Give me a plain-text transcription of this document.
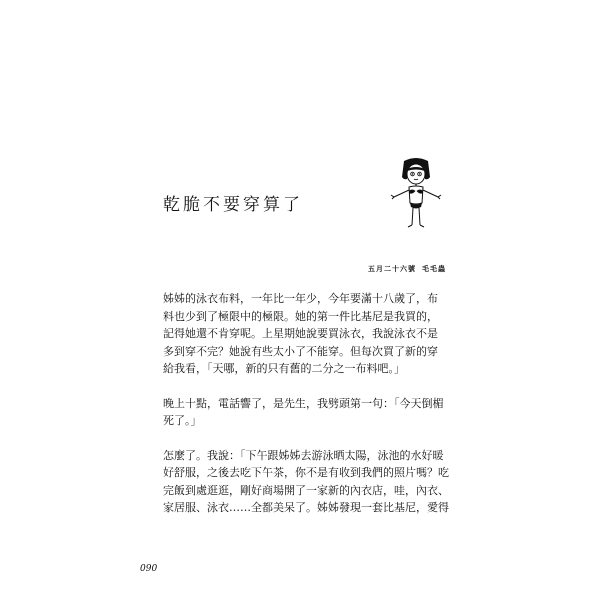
乾脆不要穿算了
五月二十六號 毛毛蟲

姊姊的泳衣布料，一年比一年少，今年要滿十八歲了，布
料也少到了極限中的極限。她的第一件比基尼是我買的，
記得她還不肯穿呢。上星期她說要買泳衣，我說泳衣不是
多到穿不完？她說有些太小了不能穿。但每次買了新的穿
給我看，「天哪，新的只有舊的二分之一布料吧。」

晚上十點，電話響了，是先生，我劈頭第一句：「今天倒楣
死了。」

怎麼了。我說：「下午跟姊姊去游泳晒太陽，泳池的水好暖
好舒服，之後去吃下午茶，你不是有收到我們的照片嗎？吃
完飯到處逛逛，剛好商場開了一家新的內衣店，哇，內衣、
家居服、泳衣……全都美呆了。姊姊發現一套比基尼，愛得

090
